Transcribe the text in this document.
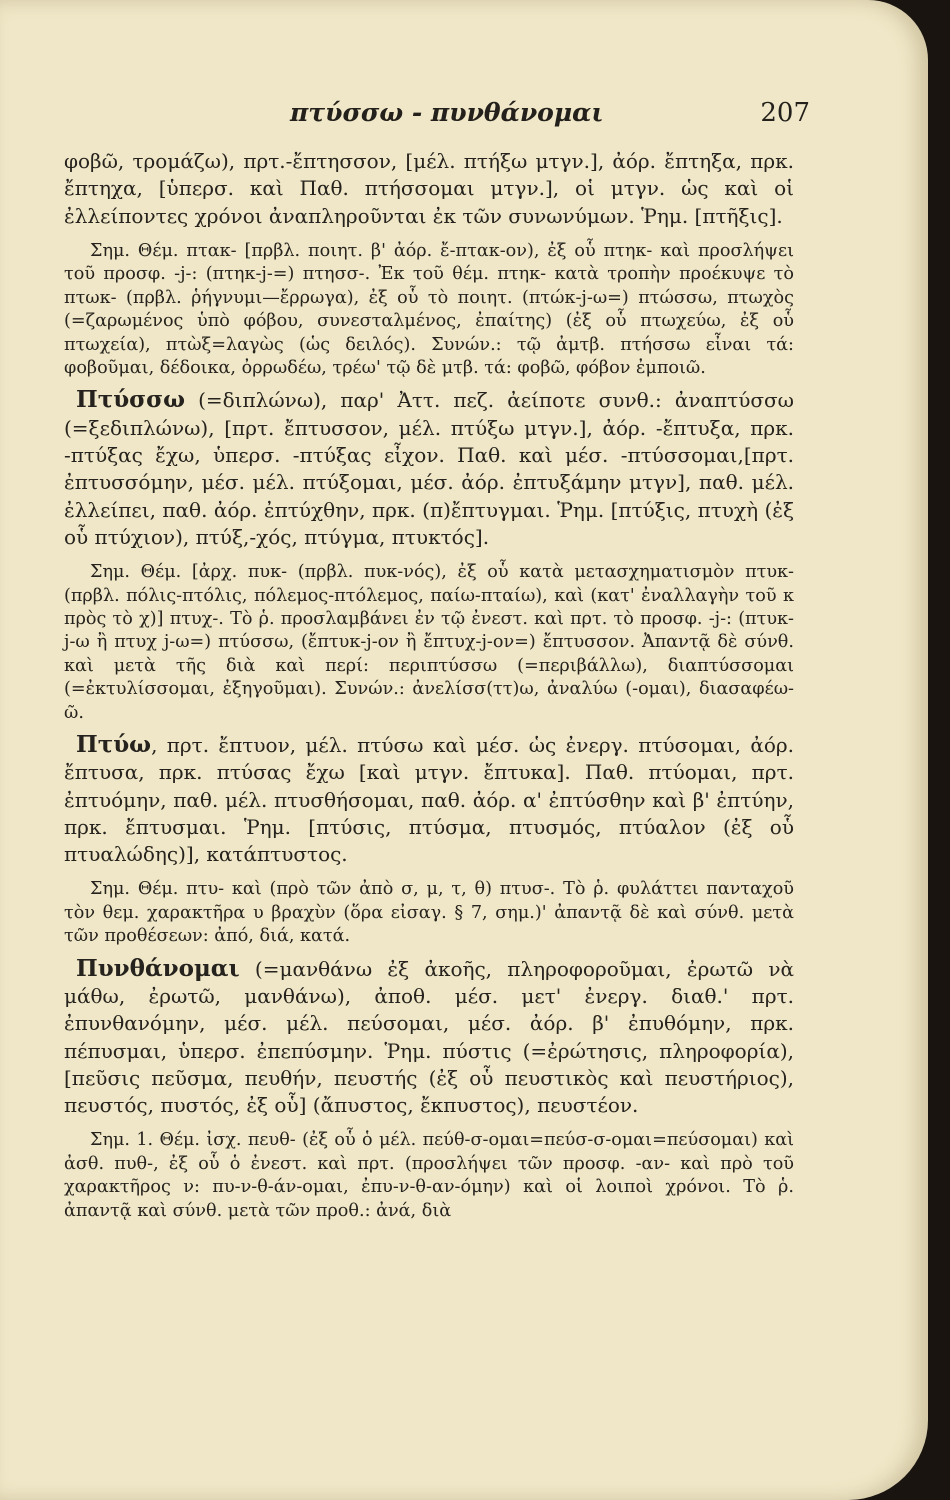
πτύσσω - πυνθάνομαι	207

φοβῶ, τρομάζω), πρτ.-ἔπτησσον, [μέλ. πτήξω μτγν.], ἀόρ. ἔπτηξα, πρκ. ἔπτηχα, [ὑπερσ. καὶ Παθ. πτήσσομαι μτγν.], οἱ μτγν. ὡς καὶ οἱ ἐλλείποντες χρόνοι ἀναπληροῦνται ἐκ τῶν συνωνύμων. Ῥημ. [πτῆξις].

Σημ. Θέμ. πτακ- [πρβλ. ποιητ. β' ἀόρ. ἔ-πτακ-ον), ἐξ οὗ πτηκ- καὶ προσλήψει τοῦ προσφ. -j-: (πτηκ-j-=) πτησσ-. Ἐκ τοῦ θέμ. πτηκ- κατὰ τροπὴν προέκυψε τὸ πτωκ- (πρβλ. ῥήγνυμι—ἔρρωγα), ἐξ οὗ τὸ ποιητ. (πτώκ-j-ω=) πτώσσω, πτωχὸς (=ζαρωμένος ὑπὸ φόβου, συνεσταλμένος, ἐπαίτης) (ἐξ οὗ πτωχεύω, ἐξ οὗ πτωχεία), πτὼξ=λαγὼς (ὡς δειλός). Συνών.: τῷ ἀμτβ. πτήσσω εἶναι τά: φοβοῦμαι, δέδοικα, ὀρρωδέω, τρέω' τῷ δὲ μτβ. τά: φοβῶ, φόβον ἐμποιῶ.

Πτύσσω (=διπλώνω), παρ' Ἀττ. πεζ. ἀείποτε συνθ.: ἀναπτύσσω (=ξεδιπλώνω), [πρτ. ἔπτυσσον, μέλ. πτύξω μτγν.], ἀόρ. -ἔπτυξα, πρκ. -πτύξας ἔχω, ὑπερσ. -πτύξας εἶχον. Παθ. καὶ μέσ. -πτύσσομαι,[πρτ. ἐπτυσσόμην, μέσ. μέλ. πτύξομαι, μέσ. ἀόρ. ἐπτυξάμην μτγν], παθ. μέλ. ἐλλείπει, παθ. ἀόρ. ἐπτύχθην, πρκ. (π)ἔπτυγμαι. Ῥημ. [πτύξις, πτυχὴ (ἐξ οὗ πτύχιον), πτύξ,-χός, πτύγμα, πτυκτός].

Σημ. Θέμ. [ἀρχ. πυκ- (πρβλ. πυκ-νός), ἐξ οὗ κατὰ μετασχηματισμὸν πτυκ- (πρβλ. πόλις-πτόλις, πόλεμος-πτόλεμος, παίω-πταίω), καὶ (κατ' ἐναλλαγὴν τοῦ κ πρὸς τὸ χ)] πτυχ-. Τὸ ῥ. προσλαμβάνει ἐν τῷ ἐνεστ. καὶ πρτ. τὸ προσφ. -j-: (πτυκ-j-ω ἢ πτυχ j-ω=) πτύσσω, (ἔπτυκ-j-ον ἢ ἔπτυχ-j-ον=) ἔπτυσσον. Ἀπαντᾷ δὲ σύνθ. καὶ μετὰ τῆς διὰ καὶ περί: περιπτύσσω (=περιβάλλω), διαπτύσσομαι (=ἐκτυλίσσομαι, ἐξηγοῦμαι). Συνών.: ἀνελίσσ(ττ)ω, ἀναλύω (-ομαι), διασαφέω-ῶ.

Πτύω, πρτ. ἔπτυον, μέλ. πτύσω καὶ μέσ. ὡς ἐνεργ. πτύσομαι, ἀόρ. ἔπτυσα, πρκ. πτύσας ἔχω [καὶ μτγν. ἔπτυκα]. Παθ. πτύομαι, πρτ. ἐπτυόμην, παθ. μέλ. πτυσθήσομαι, παθ. ἀόρ. α' ἐπτύσθην καὶ β' ἐπτύην, πρκ. ἔπτυσμαι. Ῥημ. [πτύσις, πτύσμα, πτυσμός, πτύαλον (ἐξ οὗ πτυαλώδης)], κατάπτυστος.

Σημ. Θέμ. πτυ- καὶ (πρὸ τῶν ἀπὸ σ, μ, τ, θ) πτυσ-. Τὸ ῥ. φυλάττει πανταχοῦ τὸν θεμ. χαρακτῆρα υ βραχὺν (ὅρα εἰσαγ. § 7, σημ.)' ἀπαντᾷ δὲ καὶ σύνθ. μετὰ τῶν προθέσεων: ἀπό, διά, κατά.

Πυνθάνομαι (=μανθάνω ἐξ ἀκοῆς, πληροφοροῦμαι, ἐρωτῶ νὰ μάθω, ἐρωτῶ, μανθάνω), ἀποθ. μέσ. μετ' ἐνεργ. διαθ.' πρτ. ἐπυνθανόμην, μέσ. μέλ. πεύσομαι, μέσ. ἀόρ. β' ἐπυθόμην, πρκ. πέπυσμαι, ὑπερσ. ἐπεπύσμην. Ῥημ. πύστις (=ἐρώτησις, πληροφορία), [πεῦσις πεῦσμα, πευθήν, πευστής (ἐξ οὗ πευστικὸς καὶ πευστήριος), πευστός, πυστός, ἐξ οὗ] (ἄπυστος, ἔκπυστος), πευστέον.

Σημ. 1. Θέμ. ἰσχ. πευθ- (ἐξ οὗ ὁ μέλ. πεύθ-σ-ομαι=πεύσ-σ-ομαι=πεύσομαι) καὶ ἀσθ. πυθ-, ἐξ οὗ ὁ ἐνεστ. καὶ πρτ. (προσλήψει τῶν προσφ. -αν- καὶ πρὸ τοῦ χαρακτῆρος ν: πυ-ν-θ-άν-ομαι, ἐπυ-ν-θ-αν-όμην) καὶ οἱ λοιποὶ χρόνοι. Τὸ ῥ. ἀπαντᾷ καὶ σύνθ. μετὰ τῶν προθ.: ἀνά, διὰ
